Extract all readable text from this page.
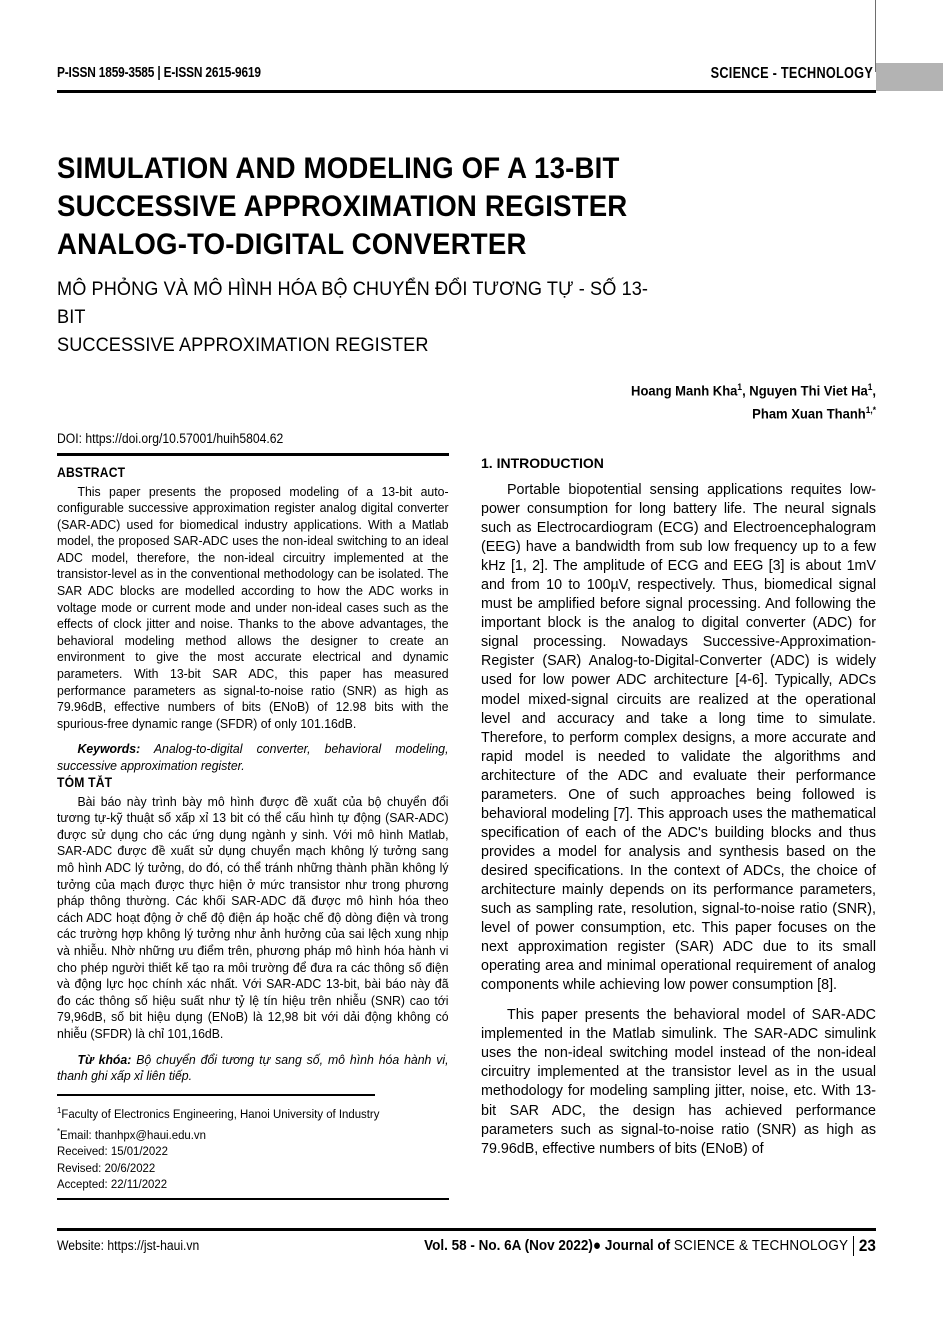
P-ISSN 1859-3585 | E-ISSN 2615-9619	SCIENCE - TECHNOLOGY
SIMULATION AND MODELING OF A 13-BIT
SUCCESSIVE APPROXIMATION REGISTER
ANALOG-TO-DIGITAL CONVERTER
MÔ PHỎNG VÀ MÔ HÌNH HÓA BỘ CHUYỂN ĐỔI TƯƠNG TỰ - SỐ 13-BIT
SUCCESSIVE APPROXIMATION REGISTER
Hoang Manh Kha$^1$, Nguyen Thi Viet Ha$^1$,
Pham Xuan Thanh$^{1,*}$
DOI: https://doi.org/10.57001/huih5804.62
ABSTRACT

This paper presents the proposed modeling of a 13-bit auto-configurable successive approximation register analog digital converter (SAR-ADC) used for biomedical industry applications. With a Matlab model, the proposed SAR-ADC uses the non-ideal switching to an ideal ADC model, therefore, the non-ideal circuitry implemented at the transistor-level as in the conventional methodology can be isolated. The SAR ADC blocks are modelled according to how the ADC works in voltage mode or current mode and under non-ideal cases such as the effects of clock jitter and noise. Thanks to the above advantages, the behavioral modeling method allows the designer to create an environment to give the most accurate electrical and dynamic parameters. With 13-bit SAR ADC, this paper has measured performance parameters as signal-to-noise ratio (SNR) as high as 79.96dB, effective numbers of bits (ENoB) of 12.98 bits with the spurious-free dynamic range (SFDR) of only 101.16dB.

Keywords: Analog-to-digital converter, behavioral modeling, successive approximation register.

TÓM TẮT

Bài báo này trình bày mô hình được đề xuất của bộ chuyển đổi tương tự-kỹ thuật số xấp xỉ 13 bit có thể cấu hình tự động (SAR-ADC) được sử dụng cho các ứng dụng ngành y sinh. Với mô hình Matlab, SAR-ADC được đề xuất sử dụng chuyển mạch không lý tưởng sang mô hình ADC lý tưởng, do đó, có thể tránh những thành phần không lý tưởng của mạch được thực hiện ở mức transistor như trong phương pháp thông thường. Các khối SAR-ADC đã được mô hình hóa theo cách ADC hoạt động ở chế độ điện áp hoặc chế độ dòng điện và trong các trường hợp không lý tưởng như ảnh hưởng của sai lệch xung nhịp và nhiễu. Nhờ những ưu điểm trên, phương pháp mô hình hóa hành vi cho phép người thiết kế tạo ra môi trường để đưa ra các thông số điện và động lực học chính xác nhất. Với SAR-ADC 13-bit, bài báo này đã đo các thông số hiệu suất như tỷ lệ tín hiệu trên nhiễu (SNR) cao tới 79,96dB, số bit hiệu dụng (ENoB) là 12,98 bit với dải động không có nhiễu (SFDR) là chỉ 101,16dB.

Từ khóa: Bộ chuyển đổi tương tự sang số, mô hình hóa hành vi, thanh ghi xấp xỉ liên tiếp.

$^1$Faculty of Electronics Engineering, Hanoi University of Industry
*Email: thanhpx@haui.edu.vn
Received: 15/01/2022
Revised: 20/6/2022
Accepted: 22/11/2022
1. INTRODUCTION

Portable biopotential sensing applications requites low-power consumption for long battery life. The neural signals such as Electrocardiogram (ECG) and Electroencephalogram (EEG) have a bandwidth from sub low frequency up to a few kHz [1, 2]. The amplitude of ECG and EEG [3] is about 1mV and from 10 to 100µV, respectively. Thus, biomedical signal must be amplified before signal processing. And following the important block is the analog to digital converter (ADC) for signal processing. Nowadays Successive-Approximation-Register (SAR) Analog-to-Digital-Converter (ADC) is widely used for low power ADC architecture [4-6]. Typically, ADCs model mixed-signal circuits are realized at the operational level and accuracy and take a long time to simulate. Therefore, to perform complex designs, a more accurate and rapid model is needed to validate the algorithms and architecture of the ADC and evaluate their performance parameters. One of such approaches being followed is behavioral modeling [7]. This approach uses the mathematical specification of each of the ADC's building blocks and thus provides a model for analysis and synthesis based on the desired specifications. In the context of ADCs, the choice of architecture mainly depends on its performance parameters, such as sampling rate, resolution, signal-to-noise ratio (SNR), level of power consumption, etc. This paper focuses on the next approximation register (SAR) ADC due to its small operating area and minimal operational requirement of analog components while achieving low power consumption [8].

This paper presents the behavioral model of SAR-ADC implemented in the Matlab simulink. The SAR-ADC simulink uses the non-ideal switching model instead of the non-ideal circuitry implemented at the transistor level as in the usual methodology for modeling sampling jitter, noise, etc. With 13-bit SAR ADC, the design has achieved performance parameters such as signal-to-noise ratio (SNR) as high as 79.96dB, effective numbers of bits (ENoB) of

Website: https://jst-haui.vn	Vol. 58 - No. 6A (Nov 2022)● Journal of SCIENCE & TECHNOLOGY 23
